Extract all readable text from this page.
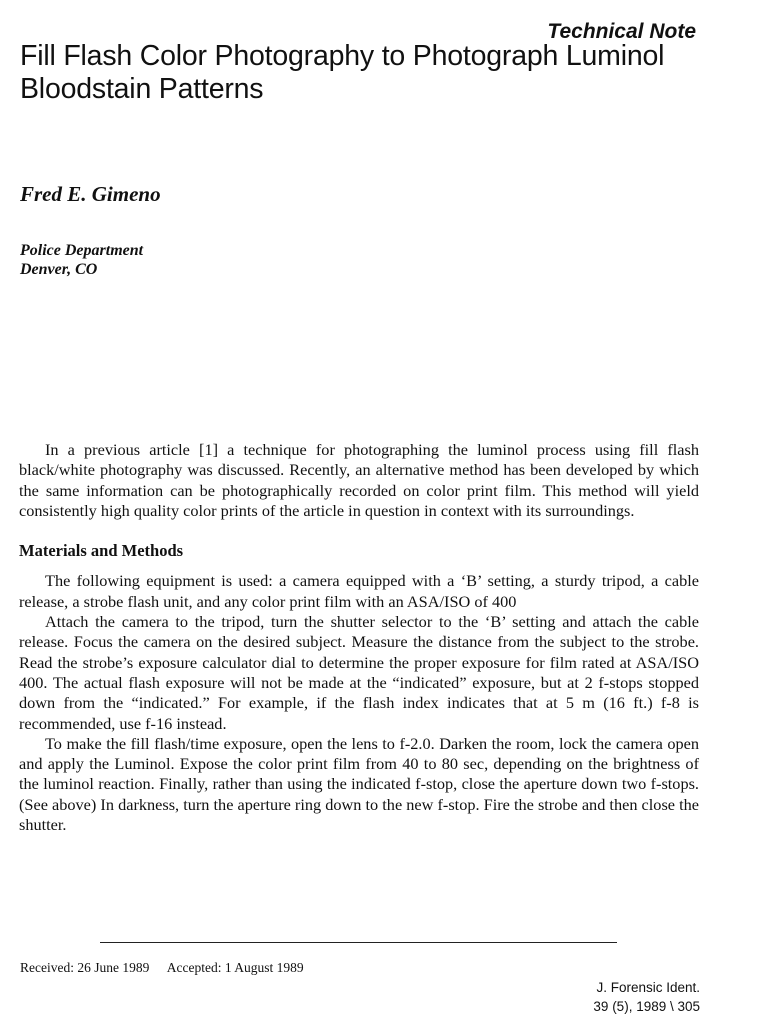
Technical Note
Fill Flash Color Photography to Photograph Luminol Bloodstain Patterns
Fred E. Gimeno
Police Department
Denver, CO

In a previous article [1] a technique for photographing the luminol process using fill flash black/white photography was discussed. Recently, an alternative method has been developed by which the same information can be photographically recorded on color print film. This method will yield consistently high quality color prints of the article in question in context with its surroundings.

Materials and Methods

The following equipment is used: a camera equipped with a ‘B’ setting, a sturdy tripod, a cable release, a strobe flash unit, and any color print film with an ASA/ISO of 400

Attach the camera to the tripod, turn the shutter selector to the ‘B’ setting and attach the cable release. Focus the camera on the desired subject. Measure the distance from the subject to the strobe. Read the strobe’s exposure calculator dial to determine the proper exposure for film rated at ASA/ISO 400. The actual flash exposure will not be made at the “indicated” exposure, but at 2 f-stops stopped down from the “indicated.” For example, if the flash index indicates that at 5 m (16 ft.) f-8 is recommended, use f-16 instead.

To make the fill flash/time exposure, open the lens to f-2.0. Darken the room, lock the camera open and apply the Luminol. Expose the color print film from 40 to 80 sec, depending on the brightness of the luminol reaction. Finally, rather than using the indicated f-stop, close the aperture down two f-stops. (See above) In darkness, turn the aperture ring down to the new f-stop. Fire the strobe and then close the shutter.

Received: 26 June 1989 Accepted: 1 August 1989
J. Forensic Ident.
39 (5), 1989 \ 305
